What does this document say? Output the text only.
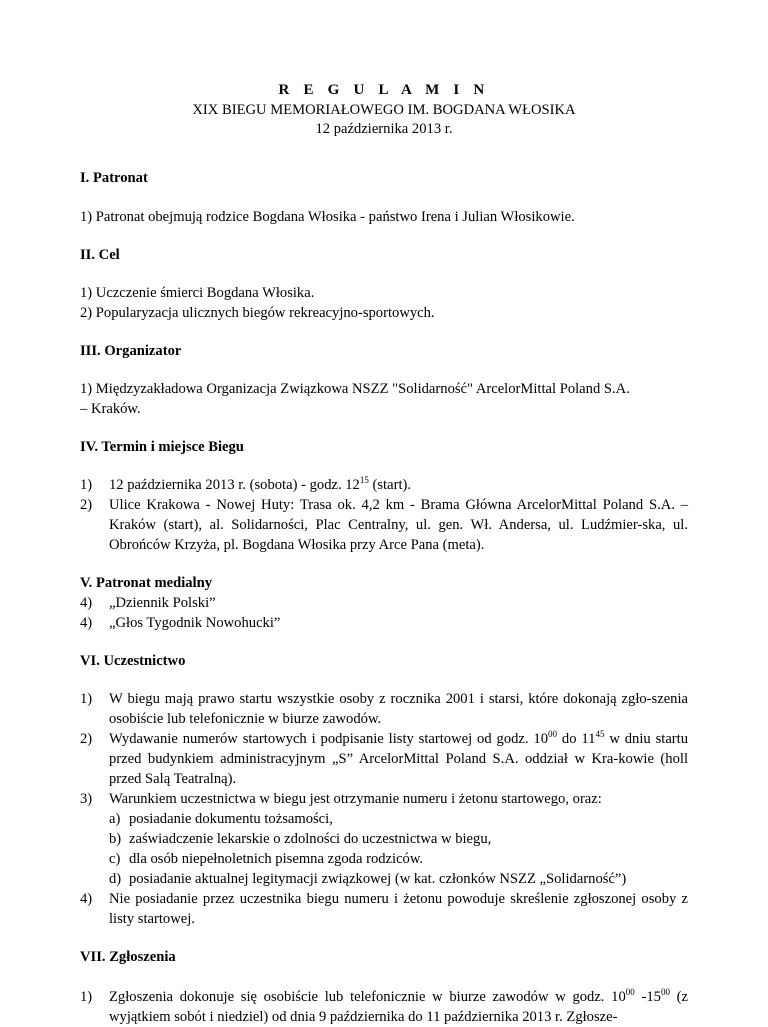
R E G U L A M I N
XIX BIEGU MEMORIAŁOWEGO IM. BOGDANA WŁOSIKA
12 października 2013 r.
I. Patronat

1) Patronat obejmują rodzice Bogdana Włosika - państwo Irena i Julian Włosikowie.

II. Cel

1) Uczczenie śmierci Bogdana Włosika.

2) Popularyzacja ulicznych biegów rekreacyjno-sportowych.

III. Organizator

1) Międzyzakładowa Organizacja Związkowa NSZZ "Solidarność" ArcelorMittal Poland S.A.

– Kraków.

IV. Termin i miejsce Biegu
1) 12 października 2013 r. (sobota) - godz. $12^{15}$ (start).
2) Ulice Krakowa - Nowej Huty: Trasa ok. 4,2 km - Brama Główna ArcelorMittal Poland S.A. – Kraków (start), al. Solidarności, Plac Centralny, ul. gen. Wł. Andersa, ul. Ludźmier-ska, ul. Obrońców Krzyża, pl. Bogdana Włosika przy Arce Pana (meta).
V. Patronat medialny
4) „Dziennik Polski”
4) „Głos Tygodnik Nowohucki”
VI. Uczestnictwo
1) W biegu mają prawo startu wszystkie osoby z rocznika 2001 i starsi, które dokonają zgło-szenia osobiście lub telefonicznie w biurze zawodów.
2) Wydawanie numerów startowych i podpisanie listy startowej od godz. $10^{00}$ do $11^{45}$ w dniu startu przed budynkiem administracyjnym „S” ArcelorMittal Poland S.A. oddział w Kra-kowie (holl przed Salą Teatralną).
3) Warunkiem uczestnictwa w biegu jest otrzymanie numeru i żetonu startowego, oraz:
a) posiadanie dokumentu tożsamości,
b) zaświadczenie lekarskie o zdolności do uczestnictwa w biegu,
c) dla osób niepełnoletnich pisemna zgoda rodziców.
d) posiadanie aktualnej legitymacji związkowej (w kat. członków NSZZ „Solidarność”)
4) Nie posiadanie przez uczestnika biegu numeru i żetonu powoduje skreślenie zgłoszonej osoby z listy startowej.
VII. Zgłoszenia
1) Zgłoszenia dokonuje się osobiście lub telefonicznie w biurze zawodów w godz. $10^{00}$ $-15^{00}$ (z wyjątkiem sobót i niedziel) od dnia 9 października do 11 października 2013 r. Zgłosze-
